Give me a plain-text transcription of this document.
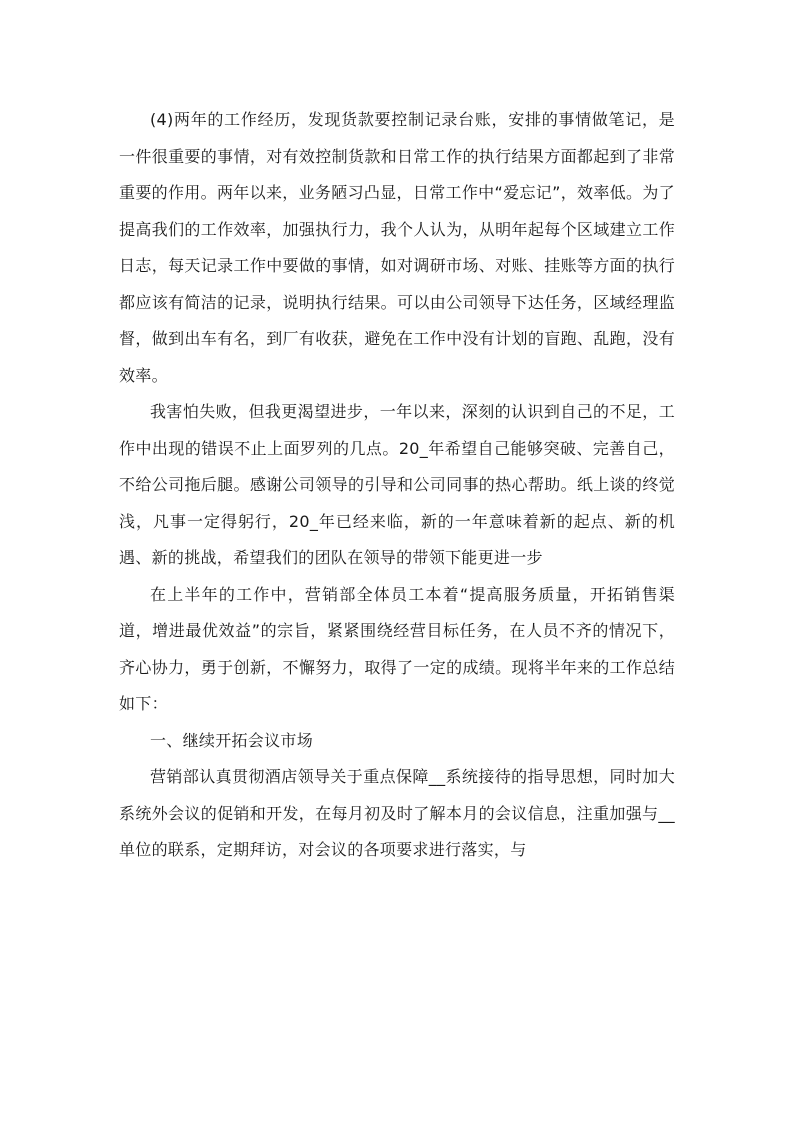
(4)两年的工作经历，发现货款要控制记录台账，安排的事情做笔记，是一件很重要的事情，对有效控制货款和日常工作的执行结果方面都起到了非常重要的作用。两年以来，业务陋习凸显，日常工作中“爱忘记”，效率低。为了提高我们的工作效率，加强执行力，我个人认为，从明年起每个区域建立工作日志，每天记录工作中要做的事情，如对调研市场、对账、挂账等方面的执行都应该有简洁的记录，说明执行结果。可以由公司领导下达任务，区域经理监督，做到出车有名，到厂有收获，避免在工作中没有计划的盲跑、乱跑，没有效率。

我害怕失败，但我更渴望进步，一年以来，深刻的认识到自己的不足，工作中出现的错误不止上面罗列的几点。20_年希望自己能够突破、完善自己，不给公司拖后腿。感谢公司领导的引导和公司同事的热心帮助。纸上谈的终觉浅，凡事一定得躬行，20_年已经来临，新的一年意味着新的起点、新的机遇、新的挑战，希望我们的团队在领导的带领下能更进一步

在上半年的工作中，营销部全体员工本着“提高服务质量，开拓销售渠道，增进最优效益”的宗旨，紧紧围绕经营目标任务，在人员不齐的情况下，齐心协力，勇于创新，不懈努力，取得了一定的成绩。现将半年来的工作总结如下：

一、继续开拓会议市场

营销部认真贯彻酒店领导关于重点保障__系统接待的指导思想，同时加大系统外会议的促销和开发，在每月初及时了解本月的会议信息，注重加强与__单位的联系，定期拜访，对会议的各项要求进行落实，与
